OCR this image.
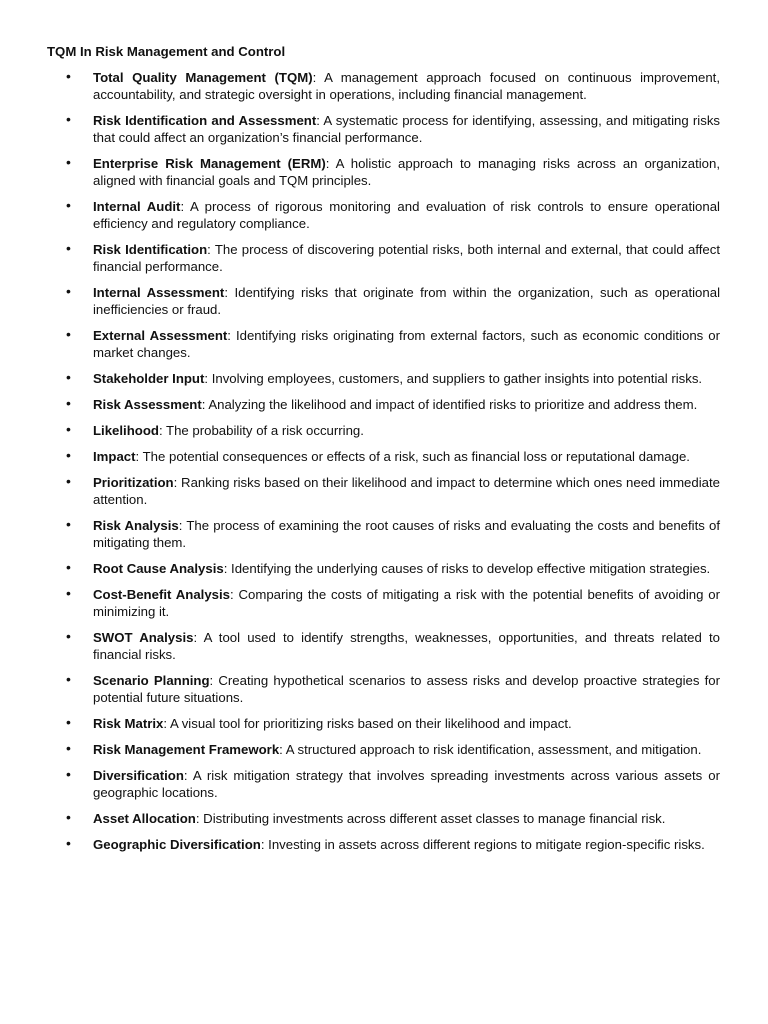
TQM In Risk Management and Control
• Total Quality Management (TQM): A management approach focused on continuous improvement, accountability, and strategic oversight in operations, including financial management.
• Risk Identification and Assessment: A systematic process for identifying, assessing, and mitigating risks that could affect an organization’s financial performance.
• Enterprise Risk Management (ERM): A holistic approach to managing risks across an organization, aligned with financial goals and TQM principles.
• Internal Audit: A process of rigorous monitoring and evaluation of risk controls to ensure operational efficiency and regulatory compliance.
• Risk Identification: The process of discovering potential risks, both internal and external, that could affect financial performance.
• Internal Assessment: Identifying risks that originate from within the organization, such as operational inefficiencies or fraud.
• External Assessment: Identifying risks originating from external factors, such as economic conditions or market changes.
• Stakeholder Input: Involving employees, customers, and suppliers to gather insights into potential risks.
• Risk Assessment: Analyzing the likelihood and impact of identified risks to prioritize and address them.
• Likelihood: The probability of a risk occurring.
• Impact: The potential consequences or effects of a risk, such as financial loss or reputational damage.
• Prioritization: Ranking risks based on their likelihood and impact to determine which ones need immediate attention.
• Risk Analysis: The process of examining the root causes of risks and evaluating the costs and benefits of mitigating them.
• Root Cause Analysis: Identifying the underlying causes of risks to develop effective mitigation strategies.
• Cost-Benefit Analysis: Comparing the costs of mitigating a risk with the potential benefits of avoiding or minimizing it.
• SWOT Analysis: A tool used to identify strengths, weaknesses, opportunities, and threats related to financial risks.
• Scenario Planning: Creating hypothetical scenarios to assess risks and develop proactive strategies for potential future situations.
• Risk Matrix: A visual tool for prioritizing risks based on their likelihood and impact.
• Risk Management Framework: A structured approach to risk identification, assessment, and mitigation.
• Diversification: A risk mitigation strategy that involves spreading investments across various assets or geographic locations.
• Asset Allocation: Distributing investments across different asset classes to manage financial risk.
• Geographic Diversification: Investing in assets across different regions to mitigate region-specific risks.
